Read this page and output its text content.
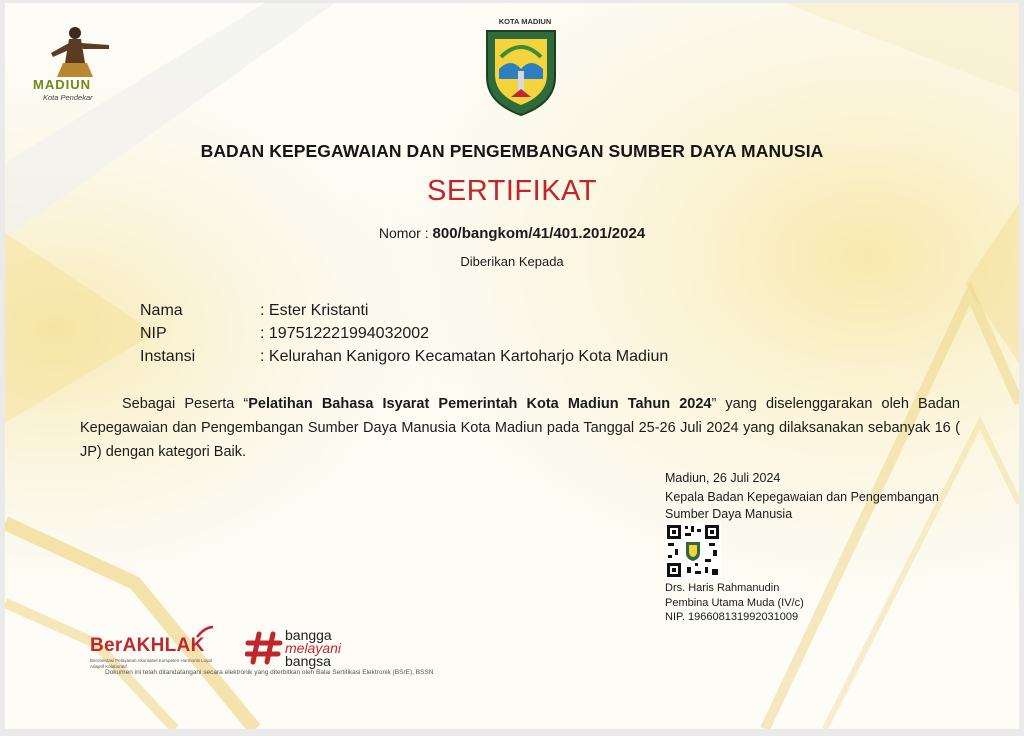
MADIUN
Kota Pendekar
KOTA MADIUN
BADAN KEPEGAWAIAN DAN PENGEMBANGAN SUMBER DAYA MANUSIA
SERTIFIKAT
Nomor : 800/bangkom/41/401.201/2024
Diberikan Kepada
Nama	: Ester Kristanti
NIP	: 197512221994032002
Instansi	: Kelurahan Kanigoro Kecamatan Kartoharjo Kota Madiun
Sebagai Peserta “Pelatihan Bahasa Isyarat Pemerintah Kota Madiun Tahun 2024” yang diselenggarakan oleh Badan Kepegawaian dan Pengembangan Sumber Daya Manusia Kota Madiun pada Tanggal 25-26 Juli 2024 yang dilaksanakan sebanyak 16 ( JP) dengan kategori Baik.
Madiun, 26 Juli 2024
Kepala Badan Kepegawaian dan Pengembangan
Sumber Daya Manusia
Drs. Haris Rahmanudin
Pembina Utama Muda (IV/c)
NIP. 196608131992031009
BerAKHLAK
Berorientasi Pelayanan Akuntabel Kompeten Harmonis Loyal Adaptif Kolaboratif
bangga
melayani
bangsa
Dokumen ini telah ditandatangani secara elektronik yang diterbitkan oleh Balai Sertifikasi Elektronik (BSrE), BSSN
